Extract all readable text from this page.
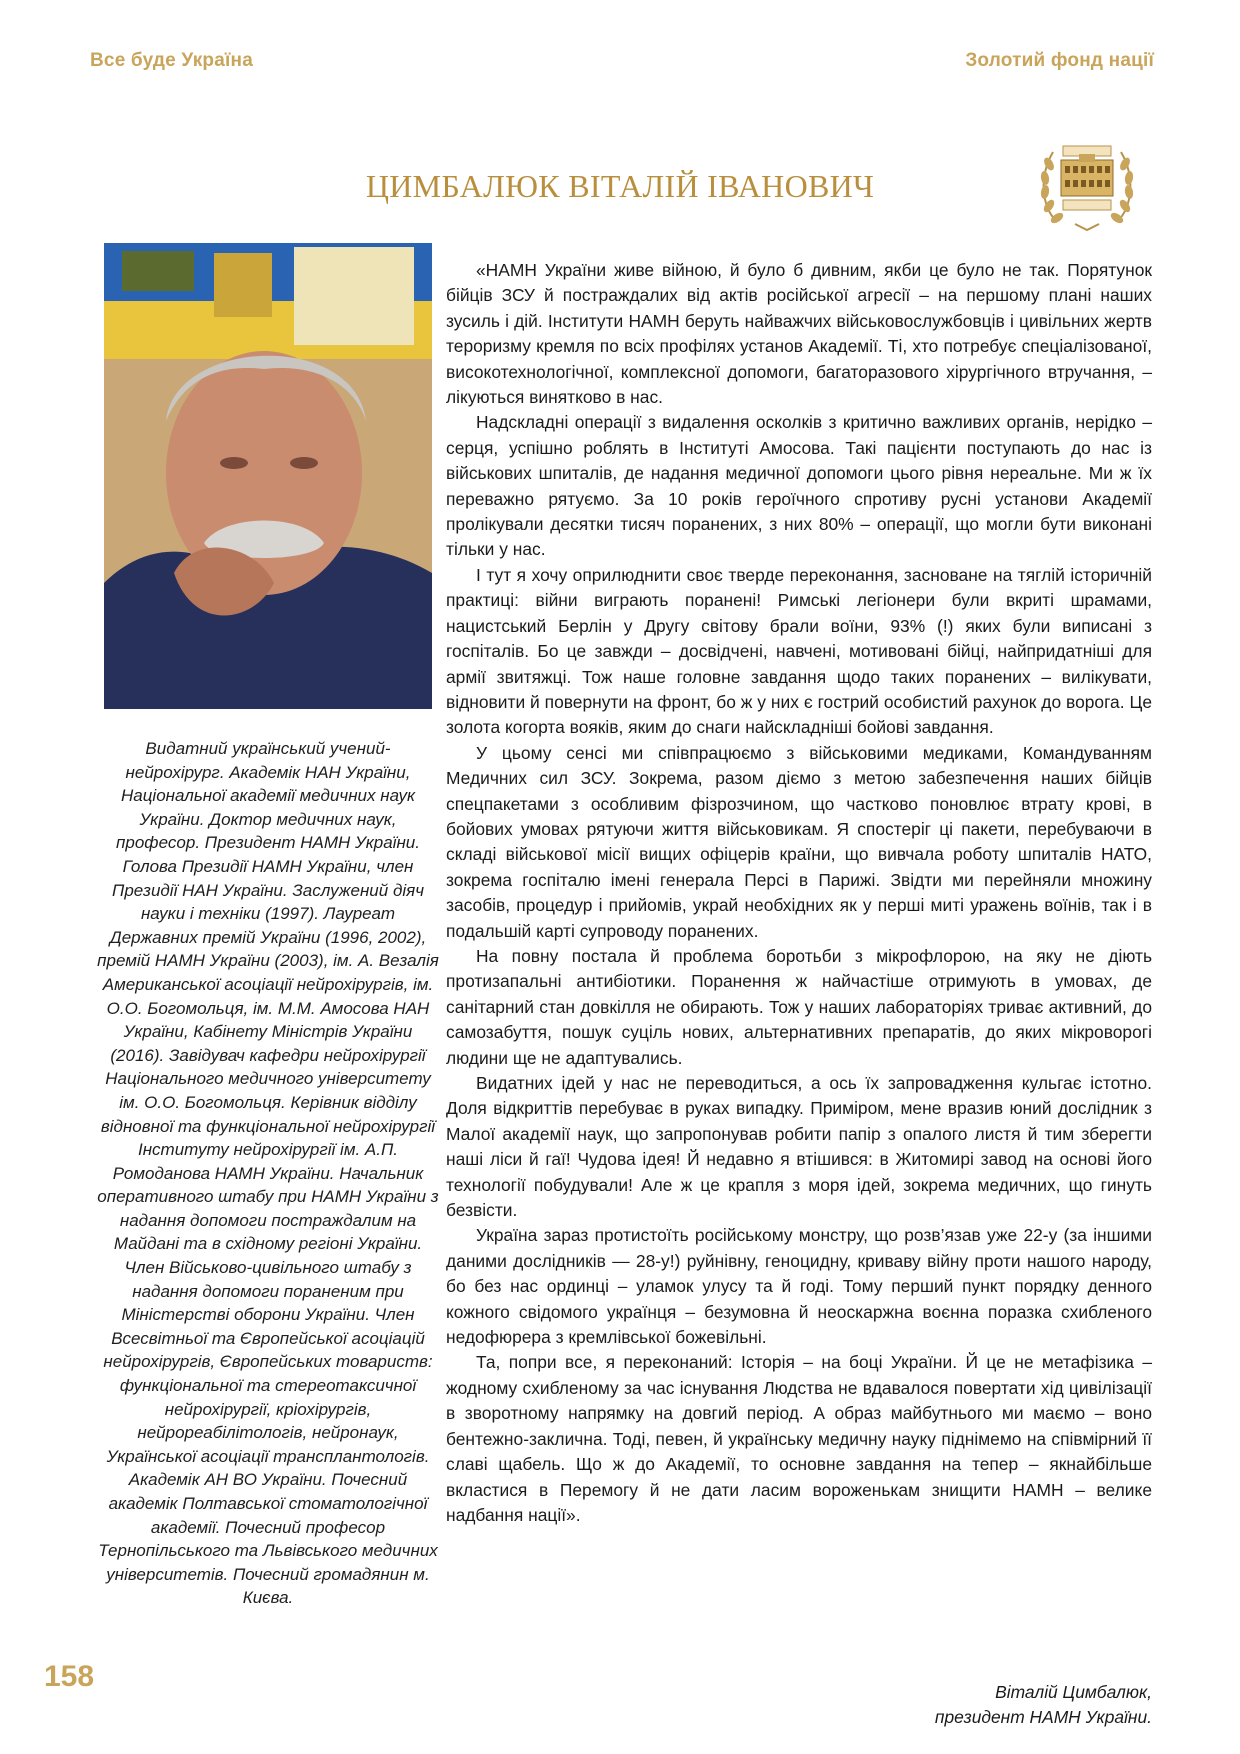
Все буде Україна	Золотий фонд нації
ЦИМБАЛЮК ВІТАЛІЙ ІВАНОВИЧ
Видатний український учений-нейрохірург. Академік НАН України, Національної академії медичних наук України. Доктор медичних наук, професор. Президент НАМН України. Голова Президії НАМН України, член Президії НАН України. Заслужений діяч науки і техніки (1997). Лауреат Державних премій України (1996, 2002), премій НАМН України (2003), ім. А. Везалія Американської асоціації нейрохірургів, ім. О.О. Богомольця, ім. М.М. Амосова НАН України, Кабінету Міністрів України (2016). Завідувач кафедри нейрохірургії Національного медичного університету ім. О.О. Богомольця. Керівник відділу відновної та функціональної нейрохірургії Інституту нейрохірургії ім. А.П. Ромоданова НАМН України. Начальник оперативного штабу при НАМН України з надання допомоги постраждалим на Майдані та в східному регіоні України. Член Військово-цивільного штабу з надання допомоги пораненим при Міністерстві оборони України. Член Всесвітньої та Європейської асоціацій нейрохірургів, Європейських товариств: функціональної та стереотаксичної нейрохірургії, кріохірургів, нейрореабілітологів, нейронаук, Української асоціації трансплантологів. Академік АН ВО України. Почесний академік Полтавської стоматологічної академії. Почесний професор Тернопільського та Львівського медичних університетів. Почесний громадянин м. Києва.

«НАМН України живе війною, й було б дивним, якби це було не так. Порятунок бійців ЗСУ й постраждалих від актів російської агресії – на першому плані наших зусиль і дій. Інститути НАМН беруть найважчих військовослужбовців і цивільних жертв тероризму кремля по всіх профілях установ Академії. Ті, хто потребує спеціалізованої, високотехнологічної, комплексної допомоги, багаторазового хірургічного втручання, – лікуються винятково в нас.

Надскладні операції з видалення осколків з критично важливих органів, нерідко – серця, успішно роблять в Інституті Амосова. Такі пацієнти поступають до нас із військових шпиталів, де надання медичної допомоги цього рівня нереальне. Ми ж їх переважно рятуємо. За 10 років героїчного спротиву русні установи Академії пролікували десятки тисяч поранених, з них 80% – операції, що могли бути виконані тільки у нас.

І тут я хочу оприлюднити своє тверде переконання, засноване на тяглій історичній практиці: війни виграють поранені! Римські легіонери були вкриті шрамами, нацистський Берлін у Другу світову брали воїни, 93% (!) яких були виписані з госпіталів. Бо це завжди – досвідчені, навчені, мотивовані бійці, найпридатніші для армії звитяжці. Тож наше головне завдання щодо таких поранених – вилікувати, відновити й повернути на фронт, бо ж у них є гострий особистий рахунок до ворога. Це золота когорта вояків, яким до снаги найскладніші бойові завдання.

У цьому сенсі ми співпрацюємо з військовими медиками, Командуванням Медичних сил ЗСУ. Зокрема, разом діємо з метою забезпечення наших бійців спецпакетами з особливим фізрозчином, що частково поновлює втрату крові, в бойових умовах рятуючи життя військовикам. Я спостеріг ці пакети, перебуваючи в складі військової місії вищих офіцерів країни, що вивчала роботу шпиталів НАТО, зокрема госпіталю імені генерала Персі в Парижі. Звідти ми перейняли множину засобів, процедур і прийомів, украй необхідних як у перші миті уражень воїнів, так і в подальшій карті супроводу поранених.

На повну постала й проблема боротьби з мікрофлорою, на яку не діють протизапальні антибіотики. Поранення ж найчастіше отримують в умовах, де санітарний стан довкілля не обирають. Тож у наших лабораторіях триває активний, до самозабуття, пошук суціль нових, альтернативних препаратів, до яких мікроворогі людини ще не адаптувались.

Видатних ідей у нас не переводиться, а ось їх запровадження кульгає істотно. Доля відкриттів перебуває в руках випадку. Приміром, мене вразив юний дослідник з Малої академії наук, що запропонував робити папір з опалого листя й тим зберегти наші ліси й гаї! Чудова ідея! Й недавно я втішився: в Житомирі завод на основі його технології побудували! Але ж це крапля з моря ідей, зокрема медичних, що гинуть безвісти.

Україна зараз протистоїть російському монстру, що розв’язав уже 22-у (за іншими даними дослідників — 28-у!) руйнівну, геноцидну, криваву війну проти нашого народу, бо без нас ординці – уламок улусу та й годі. Тому перший пункт порядку денного кожного свідомого українця – безумовна й неоскаржна воєнна поразка схибленого недофюрера з кремлівської божевільні.

Та, попри все, я переконаний: Історія – на боці України. Й це не метафізика –жодному схибленому за час існування Людства не вдавалося повертати хід цивілізації в зворотному напрямку на довгий період. А образ майбутнього ми маємо – воно бентежно-заклична. Тоді, певен, й українську медичну науку піднімемо на співмірний її славі щабель. Що ж до Академії, то основне завдання на тепер – якнайбільше вкластися в Перемогу й не дати ласим вороженькам знищити НАМН – велике надбання нації».

Віталій Цимбалюк,
президент НАМН України.
158
